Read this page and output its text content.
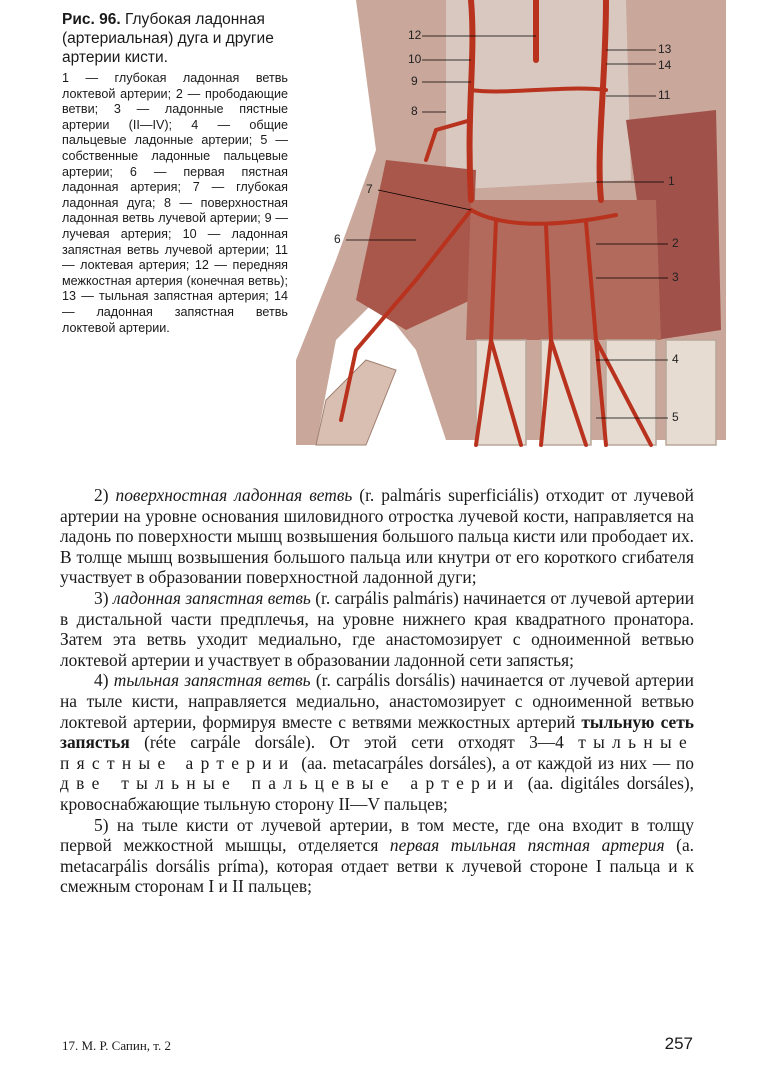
Рис. 96. Глубокая ладонная (артериальная) дуга и другие артерии кисти.

1 — глубокая ладонная ветвь локтевой артерии; 2 — прободающие ветви; 3 — ладонные пястные артерии (II—IV); 4 — общие пальцевые ладонные артерии; 5 — собственные ладонные пальцевые артерии; 6 — первая пястная ладонная артерия; 7 — глубокая ладонная дуга; 8 — поверхностная ладонная ветвь лучевой артерии; 9 — лучевая артерия; 10 — ладонная запястная ветвь лучевой артерии; 11 — локтевая артерия; 12 — передняя межкостная артерия (конечная ветвь); 13 — тыльная запястная артерия; 14 — ладонная запястная ветвь локтевой артерии.

12
10
9
8
13
14
11
1
7
6	2
3
4
5

2) поверхностная ладонная ветвь (r. palmáris superficiális) отходит от лучевой артерии на уровне основания шиловидного отростка лучевой кости, направляется на ладонь по поверхности мышц возвышения большого пальца кисти или прободает их. В толще мышц возвышения большого пальца или кнутри от его короткого сгибателя участвует в образовании поверхностной ладонной дуги;

3) ладонная запястная ветвь (r. carpális palmáris) начинается от лучевой артерии в дистальной части предплечья, на уровне нижнего края квадратного пронатора. Затем эта ветвь уходит медиально, где анастомозирует с одноименной ветвью локтевой артерии и участвует в образовании ладонной сети запястья;

4) тыльная запястная ветвь (r. carpális dorsális) начинается от лучевой артерии на тыле кисти, направляется медиально, анастомозирует с одноименной ветвью локтевой артерии, формируя вместе с ветвями межкостных артерий тыльную сеть запястья (réte carpále dorsále). От этой сети отходят 3—4 тыльные пястные артерии (aa. metacarpáles dorsáles), а от каждой из них — по две тыльные пальцевые артерии (aa. digitáles dorsáles), кровоснабжающие тыльную сторону II—V пальцев;

5) на тыле кисти от лучевой артерии, в том месте, где она входит в толщу первой межкостной мышцы, отделяется первая тыльная пястная артерия (a. metacarpális dorsális príma), которая отдает ветви к лучевой стороне I пальца и к смежным сторонам I и II пальцев;

17. М. Р. Сапин, т. 2	257
